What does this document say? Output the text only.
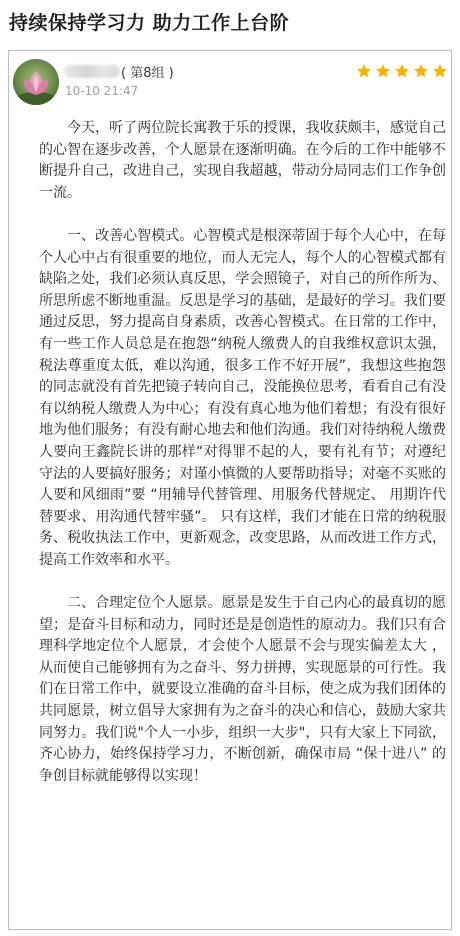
持续保持学习力 助力工作上台阶
( 第8组 )
10-10 21:47

今天，听了两位院长寓教于乐的授课，我收获颇丰，感觉自己的心智在逐步改善，个人愿景在逐渐明确。在今后的工作中能够不断提升自己，改进自己，实现自我超越，带动分局同志们工作争创一流。

一、改善心智模式。心智模式是根深蒂固于每个人心中，在每个人心中占有很重要的地位，而人无完人，每个人的心智模式都有缺陷之处，我们必须认真反思，学会照镜子，对自己的所作所为、所思所虑不断地重温。反思是学习的基础，是最好的学习。我们要通过反思，努力提高自身素质，改善心智模式。在日常的工作中，有一些工作人员总是在抱怨“纳税人缴费人的自我维权意识太强，税法尊重度太低，难以沟通，很多工作不好开展”，我想这些抱怨的同志就没有首先把镜子转向自己，没能换位思考，看看自己有没有以纳税人缴费人为中心；有没有真心地为他们着想；有没有很好地为他们服务；有没有耐心地去和他们沟通。我们对待纳税人缴费人要向王鑫院长讲的那样“对得罪不起的人，要有礼有节；对遵纪守法的人要搞好服务；对谨小慎微的人要帮助指导；对毫不买账的人要和风细雨”要 “用辅导代替管理、用服务代替规定、 用期许代替要求、用沟通代替牢骚”。 只有这样，我们才能在日常的纳税服务、税收执法工作中，更新观念，改变思路，从而改进工作方式，提高工作效率和水平。

二、合理定位个人愿景。愿景是发生于自己内心的最真切的愿望；是奋斗目标和动力，同时还是是创造性的原动力。我们只有合理科学地定位个人愿景，才会使个人愿景不会与现实偏差太大 ，从而使自己能够拥有为之奋斗、努力拼搏，实现愿景的可行性。我们在日常工作中，就要设立准确的奋斗目标，使之成为我们团体的共同愿景，树立倡导大家拥有为之奋斗的决心和信心，鼓励大家共同努力。我们说"个人一小步，组织一大步"，只有大家上下同欲，齐心协力，始终保持学习力，不断创新，确保市局 “保十进八” 的争创目标就能够得以实现！
